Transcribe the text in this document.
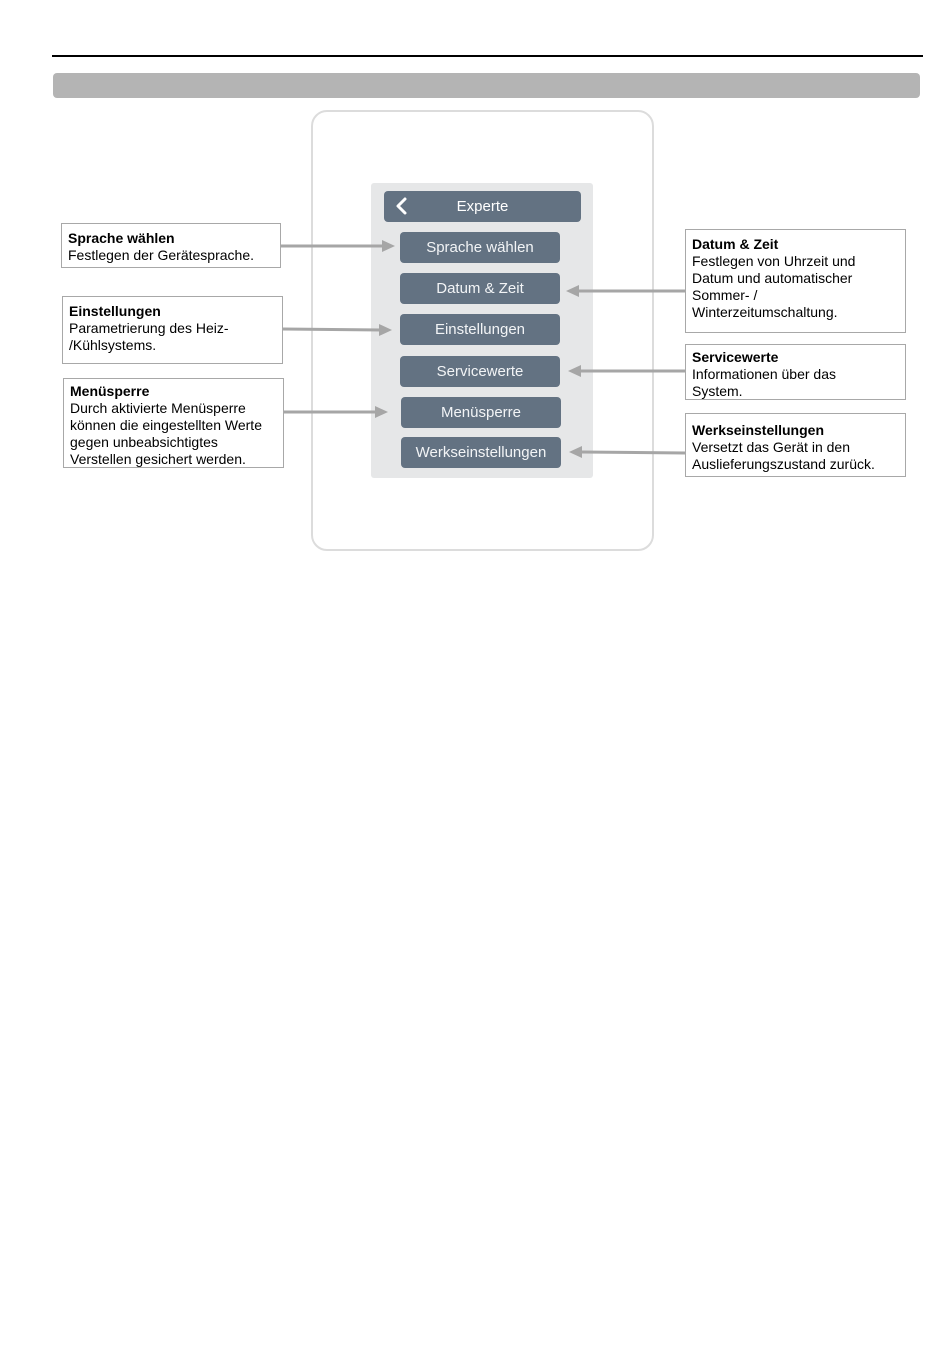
Experte
Sprache wählen
Datum & Zeit
Einstellungen
Servicewerte
Menüsperre
Werkseinstellungen
Sprache wählen
Festlegen der Gerätesprache.
Einstellungen
Parametrierung des Heiz-
/Kühlsystems.
Menüsperre
Durch aktivierte Menüsperre
können die eingestellten Werte
gegen unbeabsichtigtes
Verstellen gesichert werden.
Datum & Zeit
Festlegen von Uhrzeit und
Datum und automatischer
Sommer- /
Winterzeitumschaltung.
Servicewerte
Informationen über das
System.
Werkseinstellungen
Versetzt das Gerät in den
Auslieferungszustand zurück.
